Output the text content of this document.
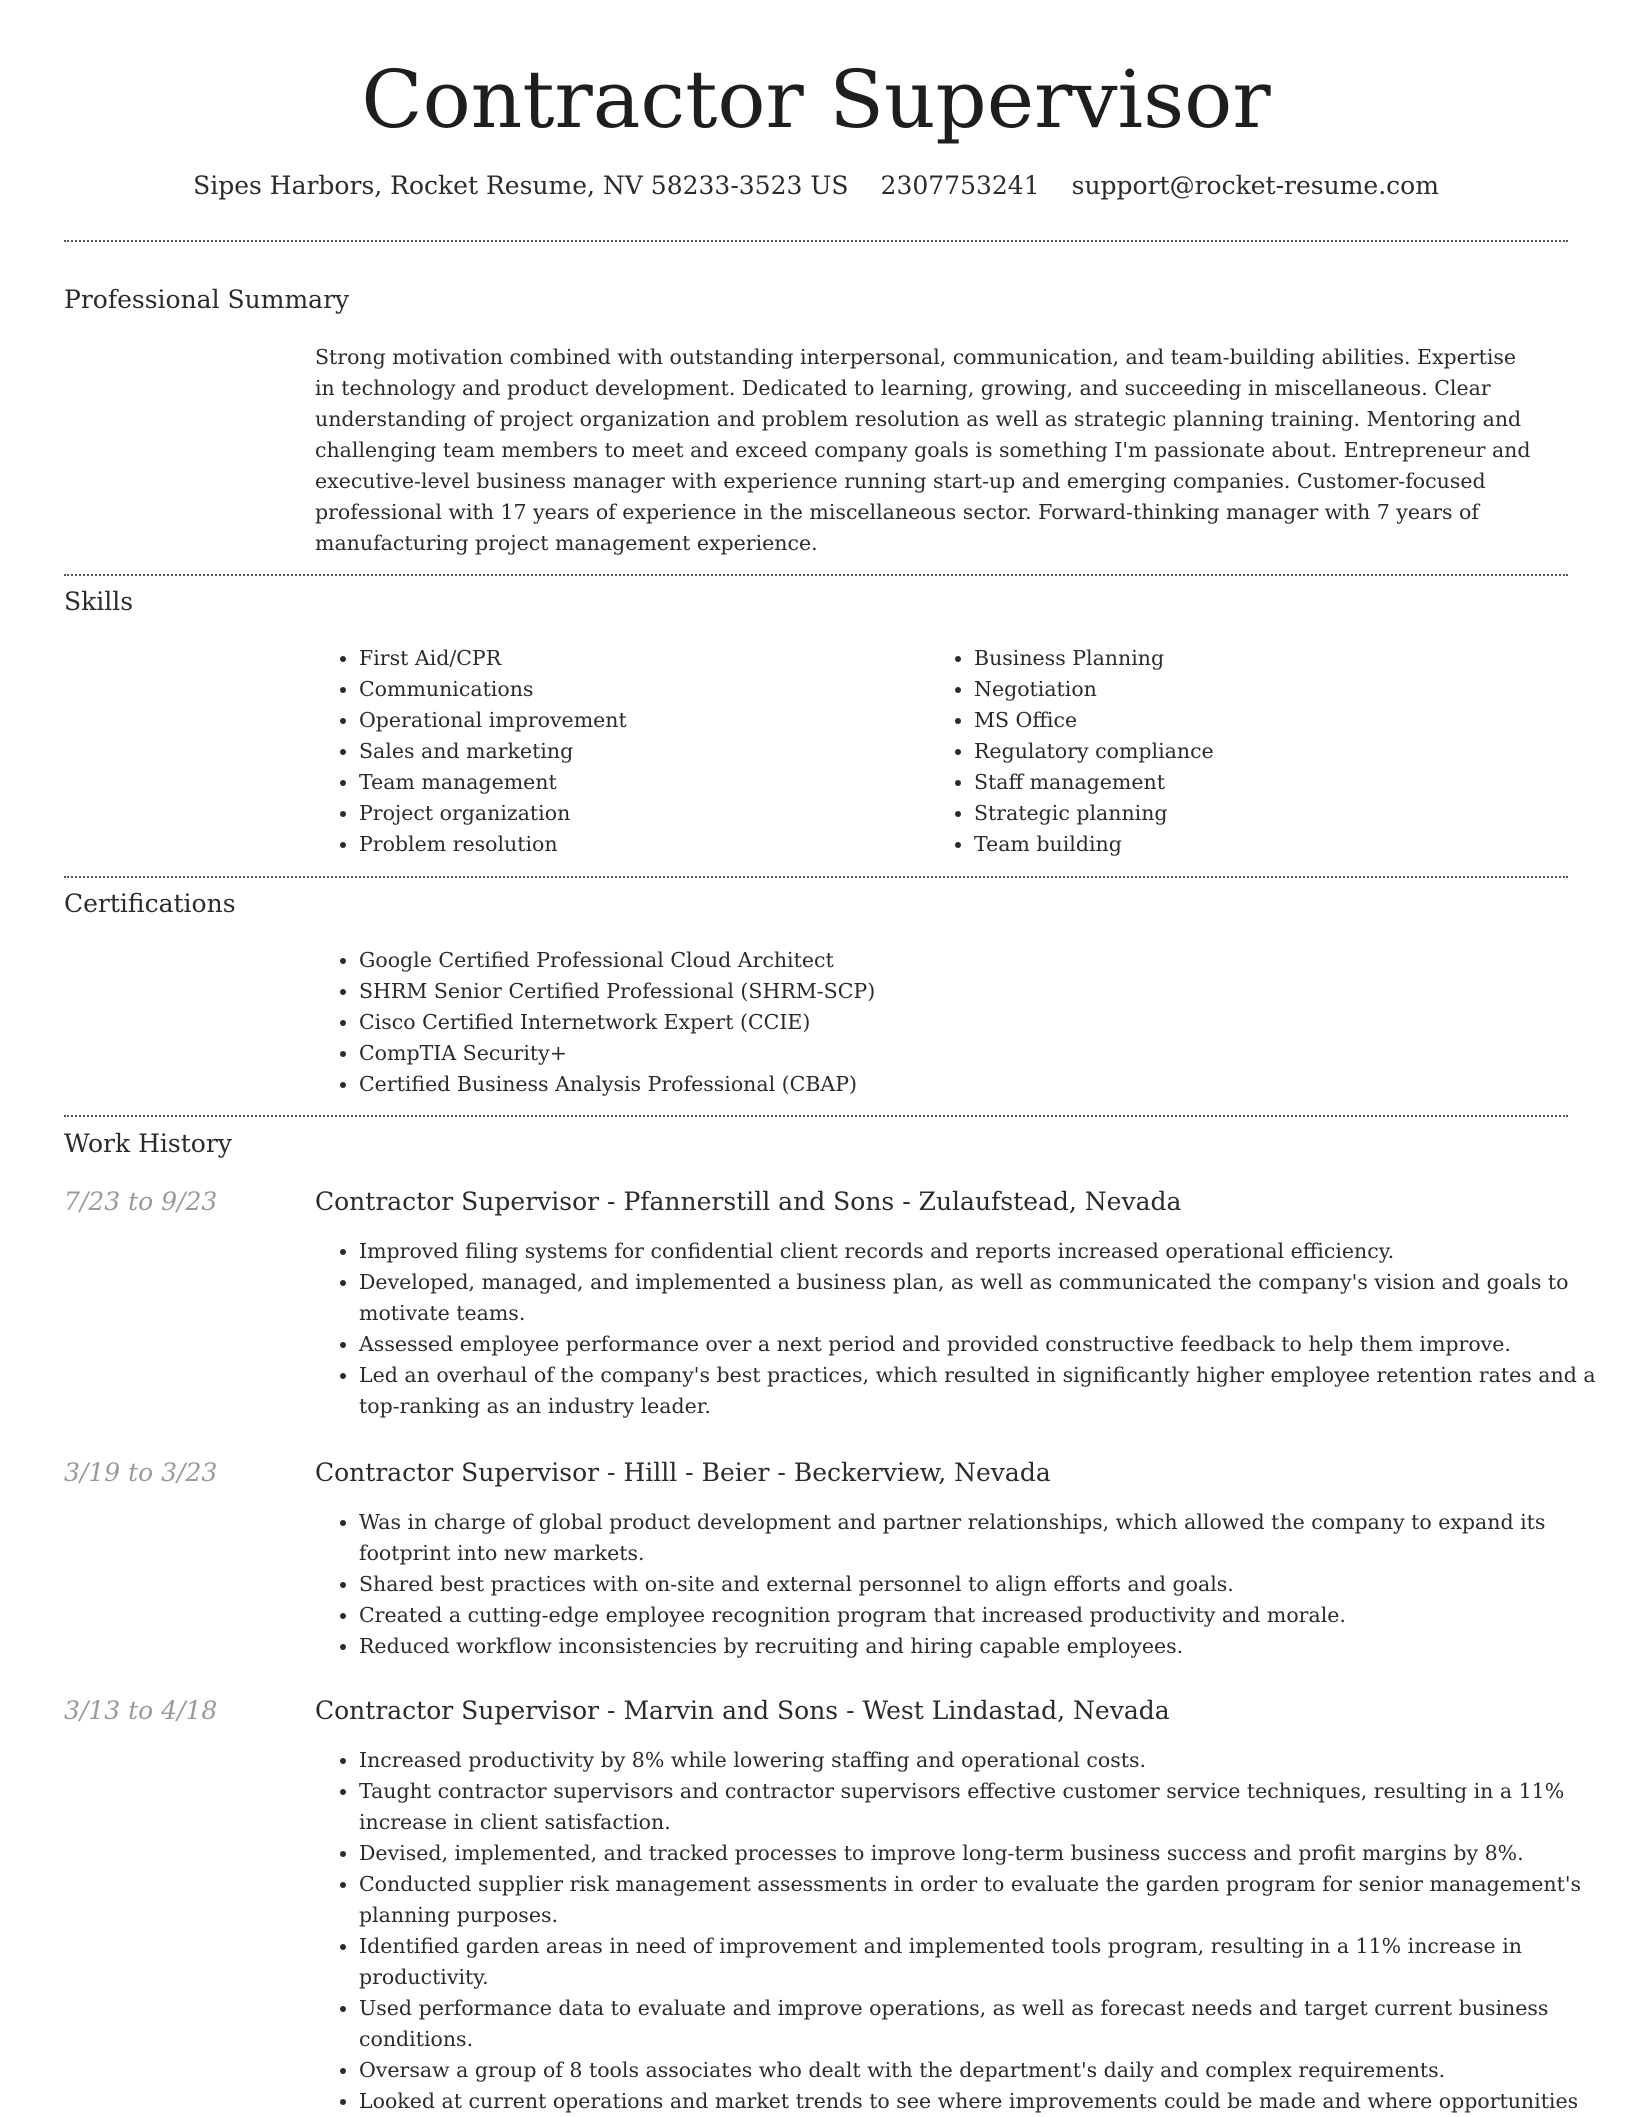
Contractor Supervisor
Sipes Harbors, Rocket Resume, NV 58233-3523 US 2307753241 support@rocket-resume.com
Professional Summary

Strong motivation combined with outstanding interpersonal, communication, and team-building abilities. Expertise in technology and product development. Dedicated to learning, growing, and succeeding in miscellaneous. Clear understanding of project organization and problem resolution as well as strategic planning training. Mentoring and challenging team members to meet and exceed company goals is something I'm passionate about. Entrepreneur and executive-level business manager with experience running start-up and emerging companies. Customer-focused professional with 17 years of experience in the miscellaneous sector. Forward-thinking manager with 7 years of manufacturing project management experience.

Skills
• First Aid/CPR
• Communications
• Operational improvement
• Sales and marketing
• Team management
• Project organization
• Problem resolution
• Business Planning
• Negotiation
• MS Office
• Regulatory compliance
• Staff management
• Strategic planning
• Team building
Certifications
• Google Certified Professional Cloud Architect
• SHRM Senior Certified Professional (SHRM-SCP)
• Cisco Certified Internetwork Expert (CCIE)
• CompTIA Security+
• Certified Business Analysis Professional (CBAP)
Work History
7/23 to 9/23	Contractor Supervisor - Pfannerstill and Sons - Zulaufstead, Nevada
• Improved filing systems for confidential client records and reports increased operational efficiency.
• Developed, managed, and implemented a business plan, as well as communicated the company's vision and goals to motivate teams.
• Assessed employee performance over a next period and provided constructive feedback to help them improve.
• Led an overhaul of the company's best practices, which resulted in significantly higher employee retention rates and a top-ranking as an industry leader.
3/19 to 3/23	Contractor Supervisor - Hilll - Beier - Beckerview, Nevada
• Was in charge of global product development and partner relationships, which allowed the company to expand its footprint into new markets.
• Shared best practices with on-site and external personnel to align efforts and goals.
• Created a cutting-edge employee recognition program that increased productivity and morale.
• Reduced workflow inconsistencies by recruiting and hiring capable employees.
3/13 to 4/18	Contractor Supervisor - Marvin and Sons - West Lindastad, Nevada
• Increased productivity by 8% while lowering staffing and operational costs.
• Taught contractor supervisors and contractor supervisors effective customer service techniques, resulting in a 11% increase in client satisfaction.
• Devised, implemented, and tracked processes to improve long-term business success and profit margins by 8%.
• Conducted supplier risk management assessments in order to evaluate the garden program for senior management's planning purposes.
• Identified garden areas in need of improvement and implemented tools program, resulting in a 11% increase in productivity.
• Used performance data to evaluate and improve operations, as well as forecast needs and target current business conditions.
• Oversaw a group of 8 tools associates who dealt with the department's daily and complex requirements.
• Looked at current operations and market trends to see where improvements could be made and where opportunities
